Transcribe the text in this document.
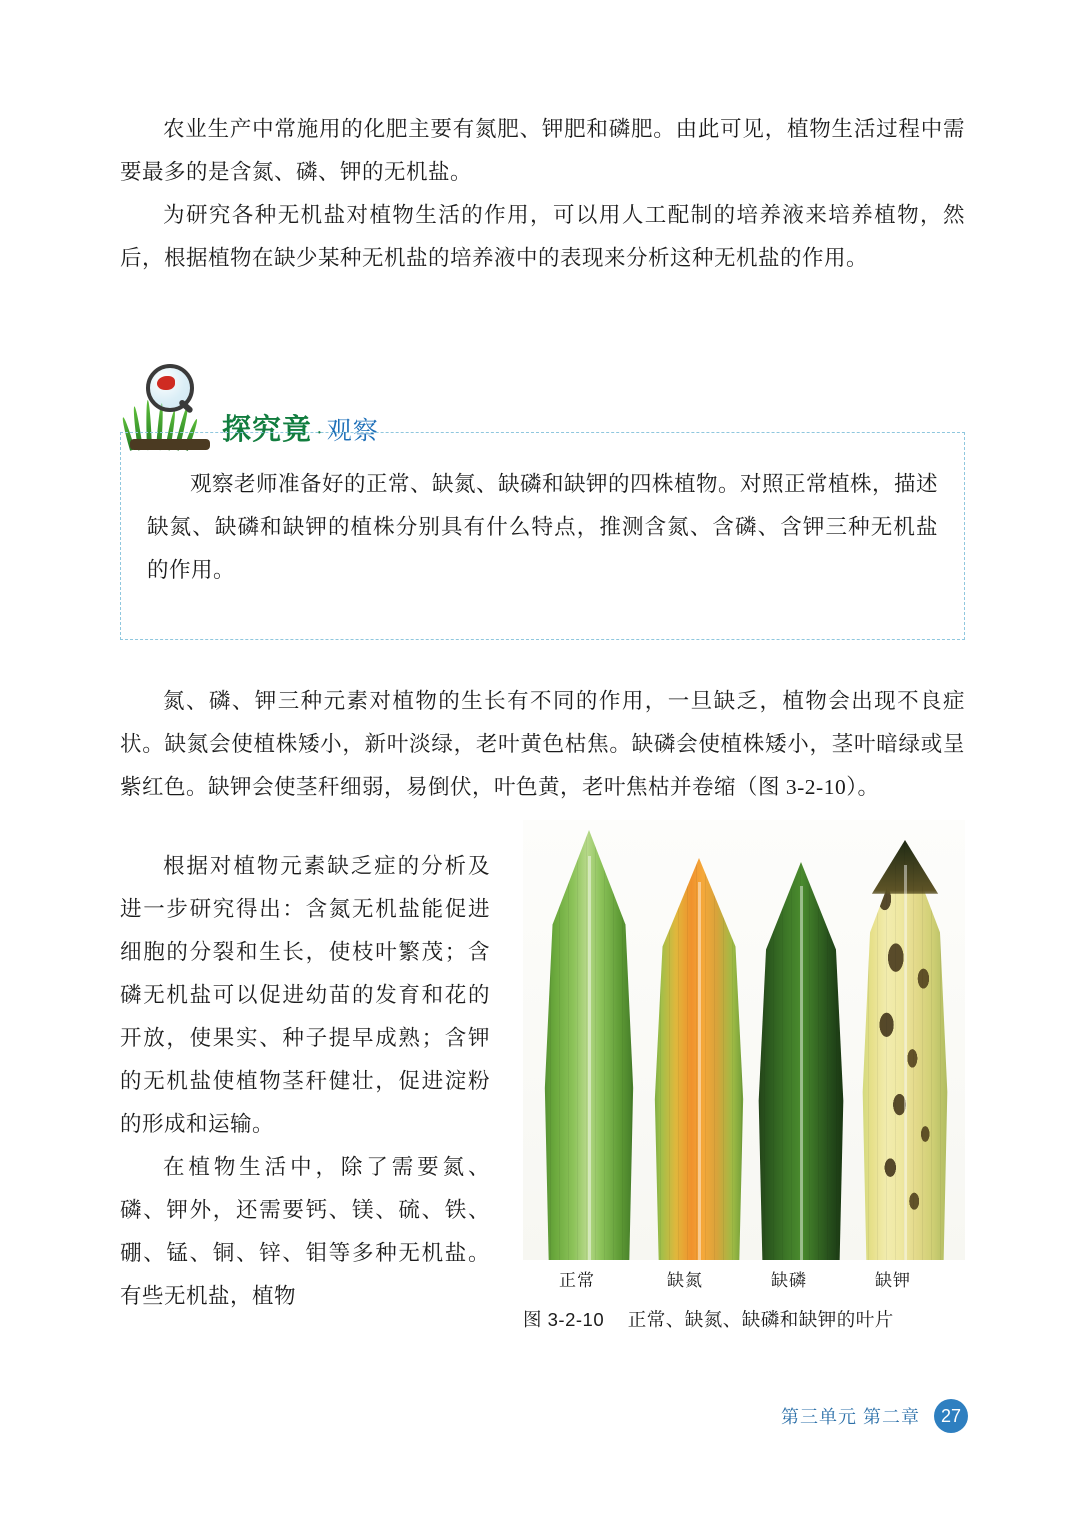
农业生产中常施用的化肥主要有氮肥、钾肥和磷肥。由此可见，植物生活过程中需要最多的是含氮、磷、钾的无机盐。

为研究各种无机盐对植物生活的作用，可以用人工配制的培养液来培养植物，然后，根据植物在缺少某种无机盐的培养液中的表现来分析这种无机盐的作用。

探究竟 · 观察

观察老师准备好的正常、缺氮、缺磷和缺钾的四株植物。对照正常植株，描述缺氮、缺磷和缺钾的植株分别具有什么特点，推测含氮、含磷、含钾三种无机盐的作用。

氮、磷、钾三种元素对植物的生长有不同的作用，一旦缺乏，植物会出现不良症状。缺氮会使植株矮小，新叶淡绿，老叶黄色枯焦。缺磷会使植株矮小，茎叶暗绿或呈紫红色。缺钾会使茎秆细弱，易倒伏，叶色黄，老叶焦枯并卷缩（图 3-2-10）。

根据对植物元素缺乏症的分析及进一步研究得出：含氮无机盐能促进细胞的分裂和生长，使枝叶繁茂；含磷无机盐可以促进幼苗的发育和花的开放，使果实、种子提早成熟；含钾的无机盐使植物茎秆健壮，促进淀粉的形成和运输。

在植物生活中，除了需要氮、磷、钾外，还需要钙、镁、硫、铁、硼、锰、铜、锌、钼等多种无机盐。有些无机盐，植物

正常	缺氮	缺磷	缺钾
图 3-2-10 正常、缺氮、缺磷和缺钾的叶片
第三单元 第二章	27
